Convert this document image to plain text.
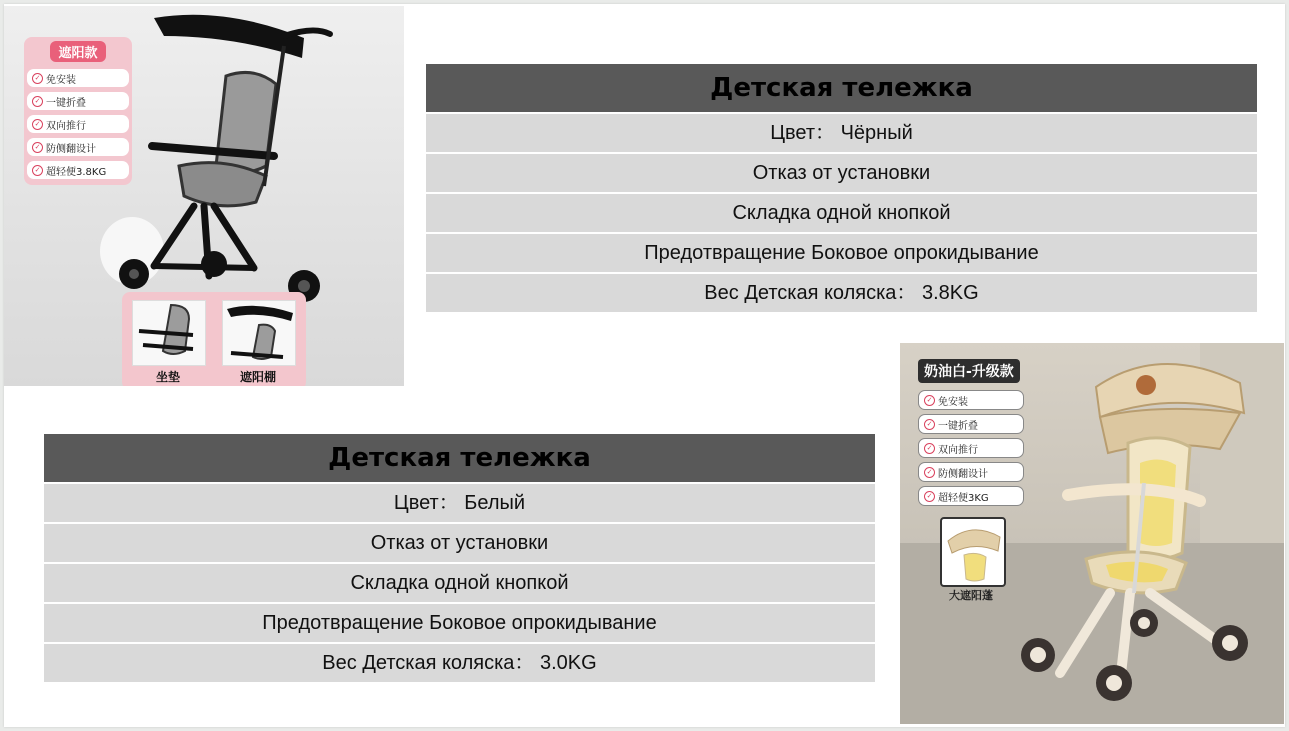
遮阳款
✓ 免安装
✓ 一键折叠
✓ 双向推行
✓ 防侧翻设计
✓ 超轻便3.8KG
坐垫	遮阳棚
Детская тележка
Цвет： Чёрный
Отказ от установки
Складка одной кнопкой
Предотвращение Боковое опрокидывание
Вес Детская коляска： 3.8KG
Детская тележка
Цвет： Белый
Отказ от установки
Складка одной кнопкой
Предотвращение Боковое опрокидывание
Вес Детская коляска： 3.0KG
奶油白-升级款
✓ 免安装
✓ 一键折叠
✓ 双向推行
✓ 防侧翻设计
✓ 超轻便3KG
大遮阳蓬
